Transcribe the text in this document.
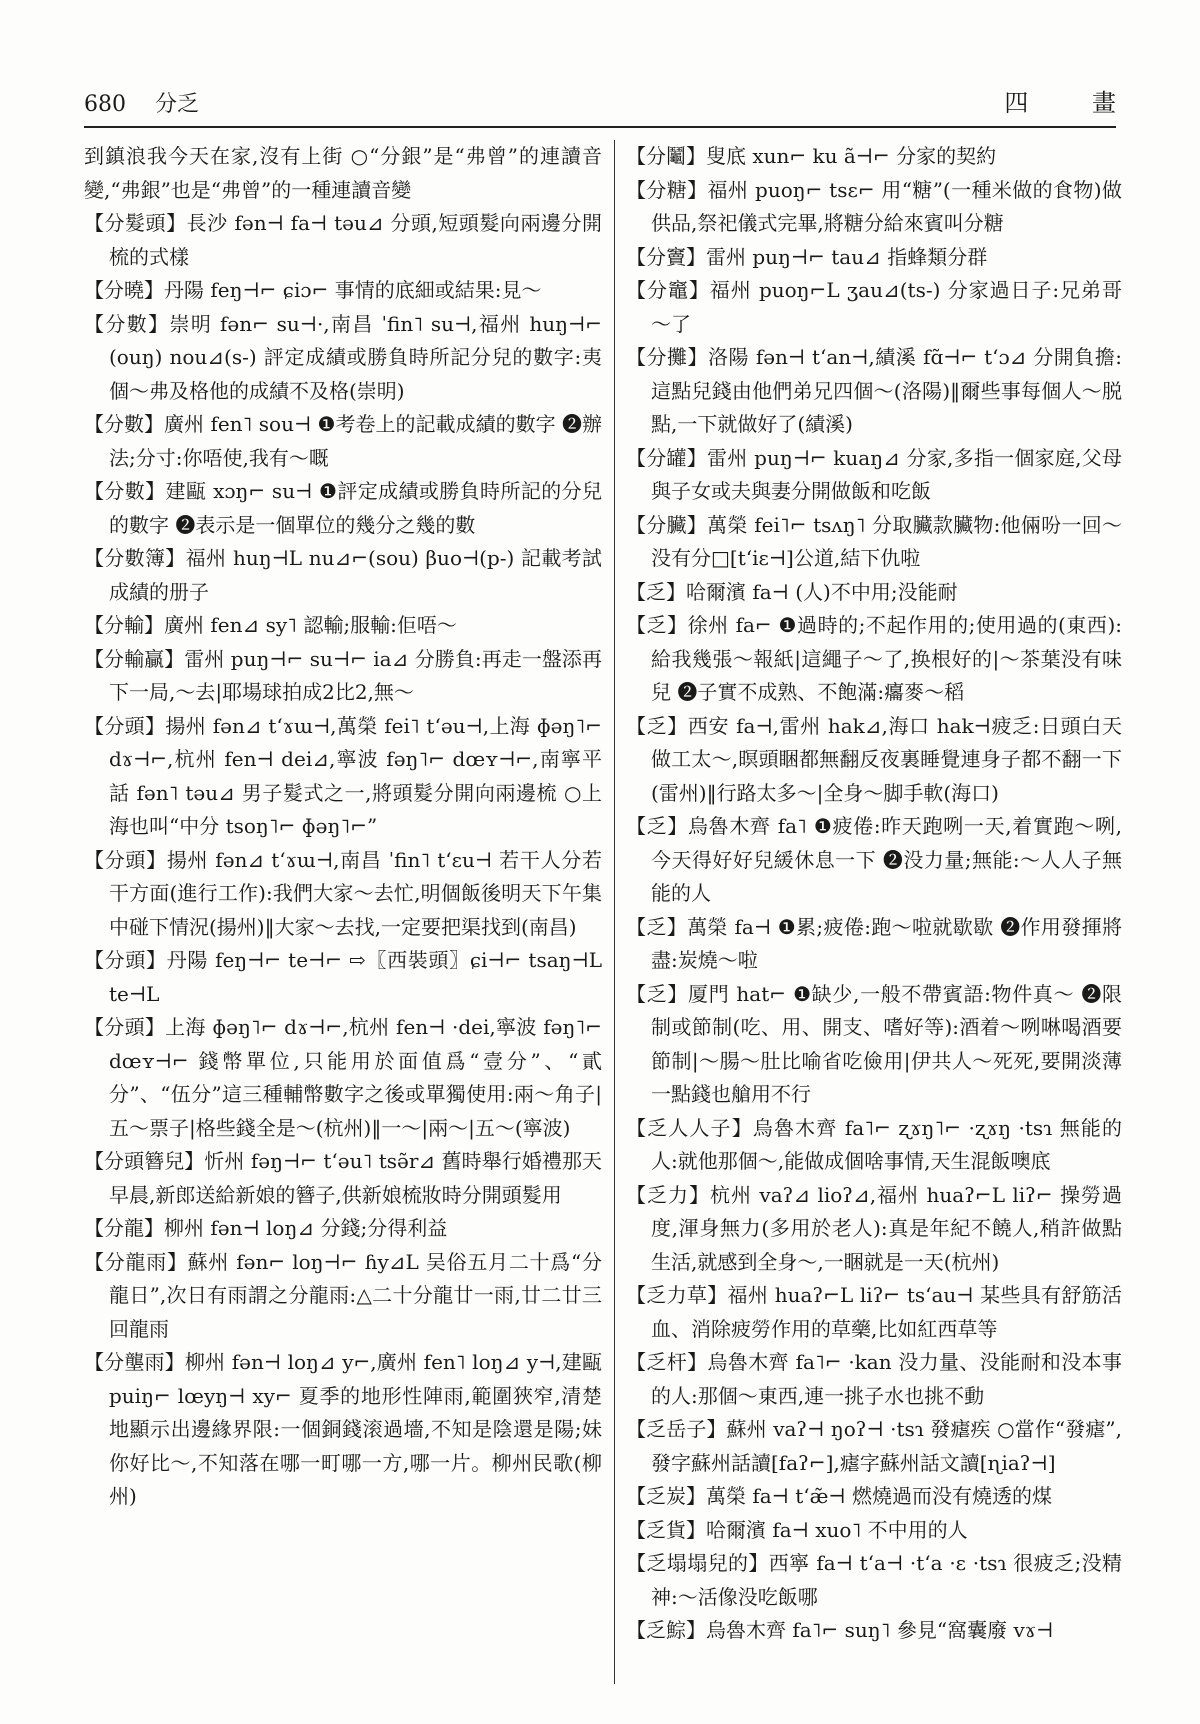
680 分乏	四 畫

到鎮浪我今天在家,沒有上街 ○“分銀”是“弗曾”的連讀音變,“弗銀”也是“弗曾”的一種連讀音變

【分髮頭】長沙 fən⊣ fa⊣ təu⊿ 分頭,短頭髮向兩邊分開梳的式樣

【分曉】丹陽 feŋ⊣⌐ ɕiɔ⌐ 事情的底細或結果:見～

【分數】崇明 fən⌐ su⊣·,南昌 ˈfin˥ su⊣,福州 huŋ⊣⌐ (ouŋ) nou⊿(s-) 評定成績或勝負時所記分兒的數字:夷個～弗及格他的成績不及格(崇明)

【分數】廣州 fen˥ sou⊣ ❶考卷上的記載成績的數字 ❷辦法;分寸:你唔使,我有～嘅

【分數】建甌 xɔŋ⌐ su⊣ ❶評定成績或勝負時所記的分兒的數字 ❷表示是一個單位的幾分之幾的數

【分數簿】福州 huŋ⊣L nu⊿⌐(sou) βuo⊣(p-) 記載考試成績的册子

【分輸】廣州 fen⊿ sy˥ 認輸;服輸:佢唔～

【分輸贏】雷州 puŋ⊣⌐ su⊣⌐ ia⊿ 分勝負:再走一盤添再下一局,～去|耶場球拍成2比2,無～

【分頭】揚州 fən⊿ tʻɤɯ⊣,萬榮 fei˥ tʻəu⊣,上海 ɸəŋ˥⌐ dɤ⊣⌐,杭州 fen⊣ dei⊿,寧波 fəŋ˥⌐ dœʏ⊣⌐,南寧平話 fən˥ təu⊿ 男子髮式之一,將頭髮分開向兩邊梳 ○上海也叫“中分 tsoŋ˥⌐ ɸəŋ˥⌐”

【分頭】揚州 fən⊿ tʻɤɯ⊣,南昌 ˈfin˥ tʻɛu⊣ 若干人分若干方面(進行工作):我們大家～去忙,明個飯後明天下午集中碰下情況(揚州)‖大家～去找,一定要把渠找到(南昌)

【分頭】丹陽 feŋ⊣⌐ te⊣⌐ ⇨〖西裝頭〗ɕi⊣⌐ tsaŋ⊣L te⊣L

【分頭】上海 ɸəŋ˥⌐ dɤ⊣⌐,杭州 fen⊣ ·dei,寧波 fəŋ˥⌐ dœʏ⊣⌐ 錢幣單位,只能用於面值爲“壹分”、“貳分”、“伍分”這三種輔幣數字之後或單獨使用:兩～角子|五～票子|格些錢全是～(杭州)‖一～|兩～|五～(寧波)

【分頭簪兒】忻州 fəŋ⊣⌐ tʻəu˥ tsə̃r⊿ 舊時舉行婚禮那天早晨,新郎送給新娘的簪子,供新娘梳妝時分開頭髮用

【分龍】柳州 fən⊣ loŋ⊿ 分錢;分得利益

【分龍雨】蘇州 fən⌐ loŋ⊣⌐ ɦy⊿L 吴俗五月二十爲“分龍日”,次日有雨謂之分龍雨:△二十分龍廿一雨,廿二廿三回龍雨

【分壟雨】柳州 fən⊣ loŋ⊿ y⌐,廣州 fen˥ loŋ⊿ y⊣,建甌 puiŋ⌐ lœyŋ⊣ xy⌐ 夏季的地形性陣雨,範圍狹窄,清楚地顯示出邊緣界限:一個銅錢滚過墻,不知是陰還是陽;妹你好比～,不知落在哪一町哪一方,哪一片。柳州民歌(柳州)

【分鬮】叟底 xun⌐ ku ã⊣⌐ 分家的契約

【分糖】福州 puoŋ⌐ tsɛ⌐ 用“糖”(一種米做的食物)做供品,祭祀儀式完畢,將糖分給來賓叫分糖

【分竇】雷州 puŋ⊣⌐ tau⊿ 指蜂類分群

【分竈】福州 puoŋ⌐L ʒau⊿(ts-) 分家過日子:兄弟哥～了

【分攤】洛陽 fən⊣ tʻan⊣,績溪 fɑ̃⊣⌐ tʻɔ⊿ 分開負擔:這點兒錢由他們弟兄四個～(洛陽)‖爾些事每個人～脱點,一下就做好了(績溪)

【分罐】雷州 puŋ⊣⌐ kuaŋ⊿ 分家,多指一個家庭,父母與子女或夫與妻分開做飯和吃飯

【分臟】萬榮 fei˥⌐ tsʌŋ˥ 分取臟款臟物:他倆吩一回～没有分□[tʻiɛ⊣]公道,結下仇啦

【乏】哈爾濱 fa⊣ (人)不中用;没能耐

【乏】徐州 fa⌐ ❶過時的;不起作用的;使用過的(東西):給我幾張～報紙|這繩子～了,换根好的|～茶葉没有味兒 ❷子實不成熟、不飽滿:癟麥～稻

【乏】西安 fa⊣,雷州 hak⊿,海口 hak⊣疲乏:日頭白天做工太～,暝頭睏都無翻反夜裏睡覺連身子都不翻一下(雷州)‖行路太多～|全身～脚手軟(海口)

【乏】烏魯木齊 fa˥ ❶疲倦:昨天跑咧一天,着實跑～咧,今天得好好兒緩休息一下 ❷没力量;無能:～人人子無能的人

【乏】萬榮 fa⊣ ❶累;疲倦:跑～啦就歇歇 ❷作用發揮將盡:炭燒～啦

【乏】厦門 hat⌐ ❶缺少,一般不帶賓語:物件真～ ❷限制或節制(吃、用、開支、嗜好等):酒着～咧啉喝酒要節制|～腸～肚比喻省吃儉用|伊共人～死死,要開淡薄一點錢也艙用不行

【乏人人子】烏魯木齊 fa˥⌐ ʐɤŋ˥⌐ ·ʐɤŋ ·tsɿ 無能的人:就他那個～,能做成個啥事情,天生混飯噢底

【乏力】杭州 vaʔ⊿ lioʔ⊿,福州 huaʔ⌐L liʔ⌐ 操勞過度,渾身無力(多用於老人):真是年紀不饒人,稍許做點生活,就感到全身～,一睏就是一天(杭州)

【乏力草】福州 huaʔ⌐L liʔ⌐ tsʻau⊣ 某些具有舒筋活血、消除疲勞作用的草藥,比如紅西草等

【乏杆】烏魯木齊 fa˥⌐ ·kan 没力量、没能耐和没本事的人:那個～東西,連一挑子水也挑不動

【乏岳子】蘇州 vaʔ⊣ ŋoʔ⊣ ·tsɿ 發瘧疾 ○當作“發瘧”,發字蘇州話讀[faʔ⌐],瘧字蘇州話文讀[ɳiaʔ⊣]

【乏炭】萬榮 fa⊣ tʻæ̃⊣ 燃燒過而没有燒透的煤

【乏貨】哈爾濱 fa⊣ xuo˥ 不中用的人

【乏塌塌兒的】西寧 fa⊣ tʻa⊣ ·tʻa ·ɛ ·tsɿ 很疲乏;没精神:～活像没吃飯哪

【乏鯮】烏魯木齊 fa˥⌐ suŋ˥ 參見“窩囊廢 vɤ⊣
